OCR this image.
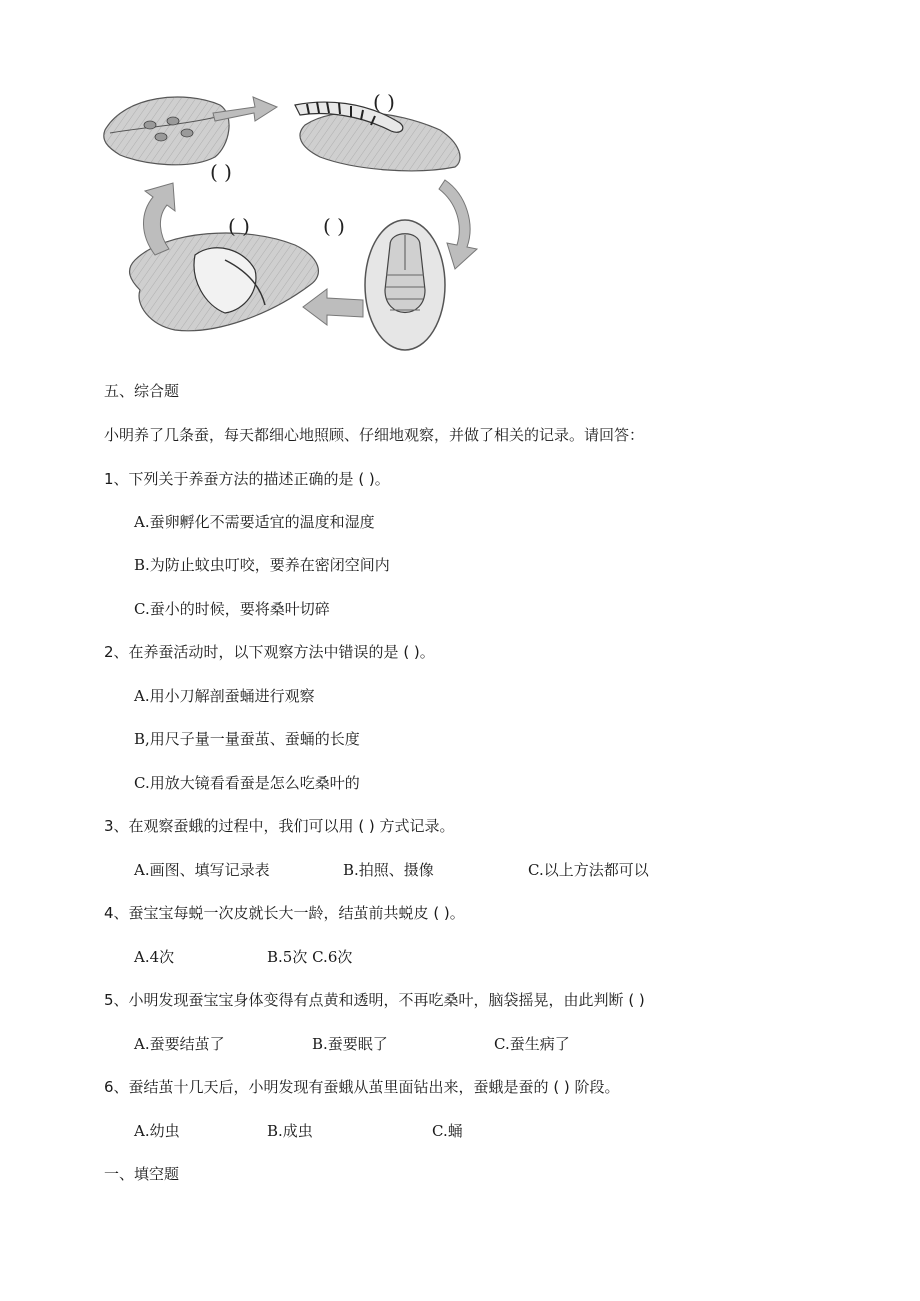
( )
( )
( )	( )
五、综合题
小明养了几条蚕，每天都细心地照顾、仔细地观察，并做了相关的记录。请回答：
1、下列关于养蚕方法的描述正确的是 ( )。
A.蚕卵孵化不需要适宜的温度和湿度
B.为防止蚊虫叮咬，要养在密闭空间内
C.蚕小的时候，要将桑叶切碎
2、在养蚕活动时，以下观察方法中错误的是 ( )。
A.用小刀解剖蚕蛹进行观察
B,用尺子量一量蚕茧、蚕蛹的长度
C.用放大镜看看蚕是怎么吃桑叶的
3、在观察蚕蛾的过程中，我们可以用 ( ) 方式记录。
A.画图、填写记录表	B.拍照、摄像	C.以上方法都可以
4、蚕宝宝每蜕一次皮就长大一龄，结茧前共蜕皮 ( )。
A.4次	B.5次 C.6次
5、小明发现蚕宝宝身体变得有点黄和透明，不再吃桑叶，脑袋摇晃，由此判断 ( )
A.蚕要结茧了	B.蚕要眠了	C.蚕生病了
6、蚕结茧十几天后，小明发现有蚕蛾从茧里面钻出来，蚕蛾是蚕的 ( ) 阶段。
A.幼虫	B.成虫	C.蛹
一、填空题
